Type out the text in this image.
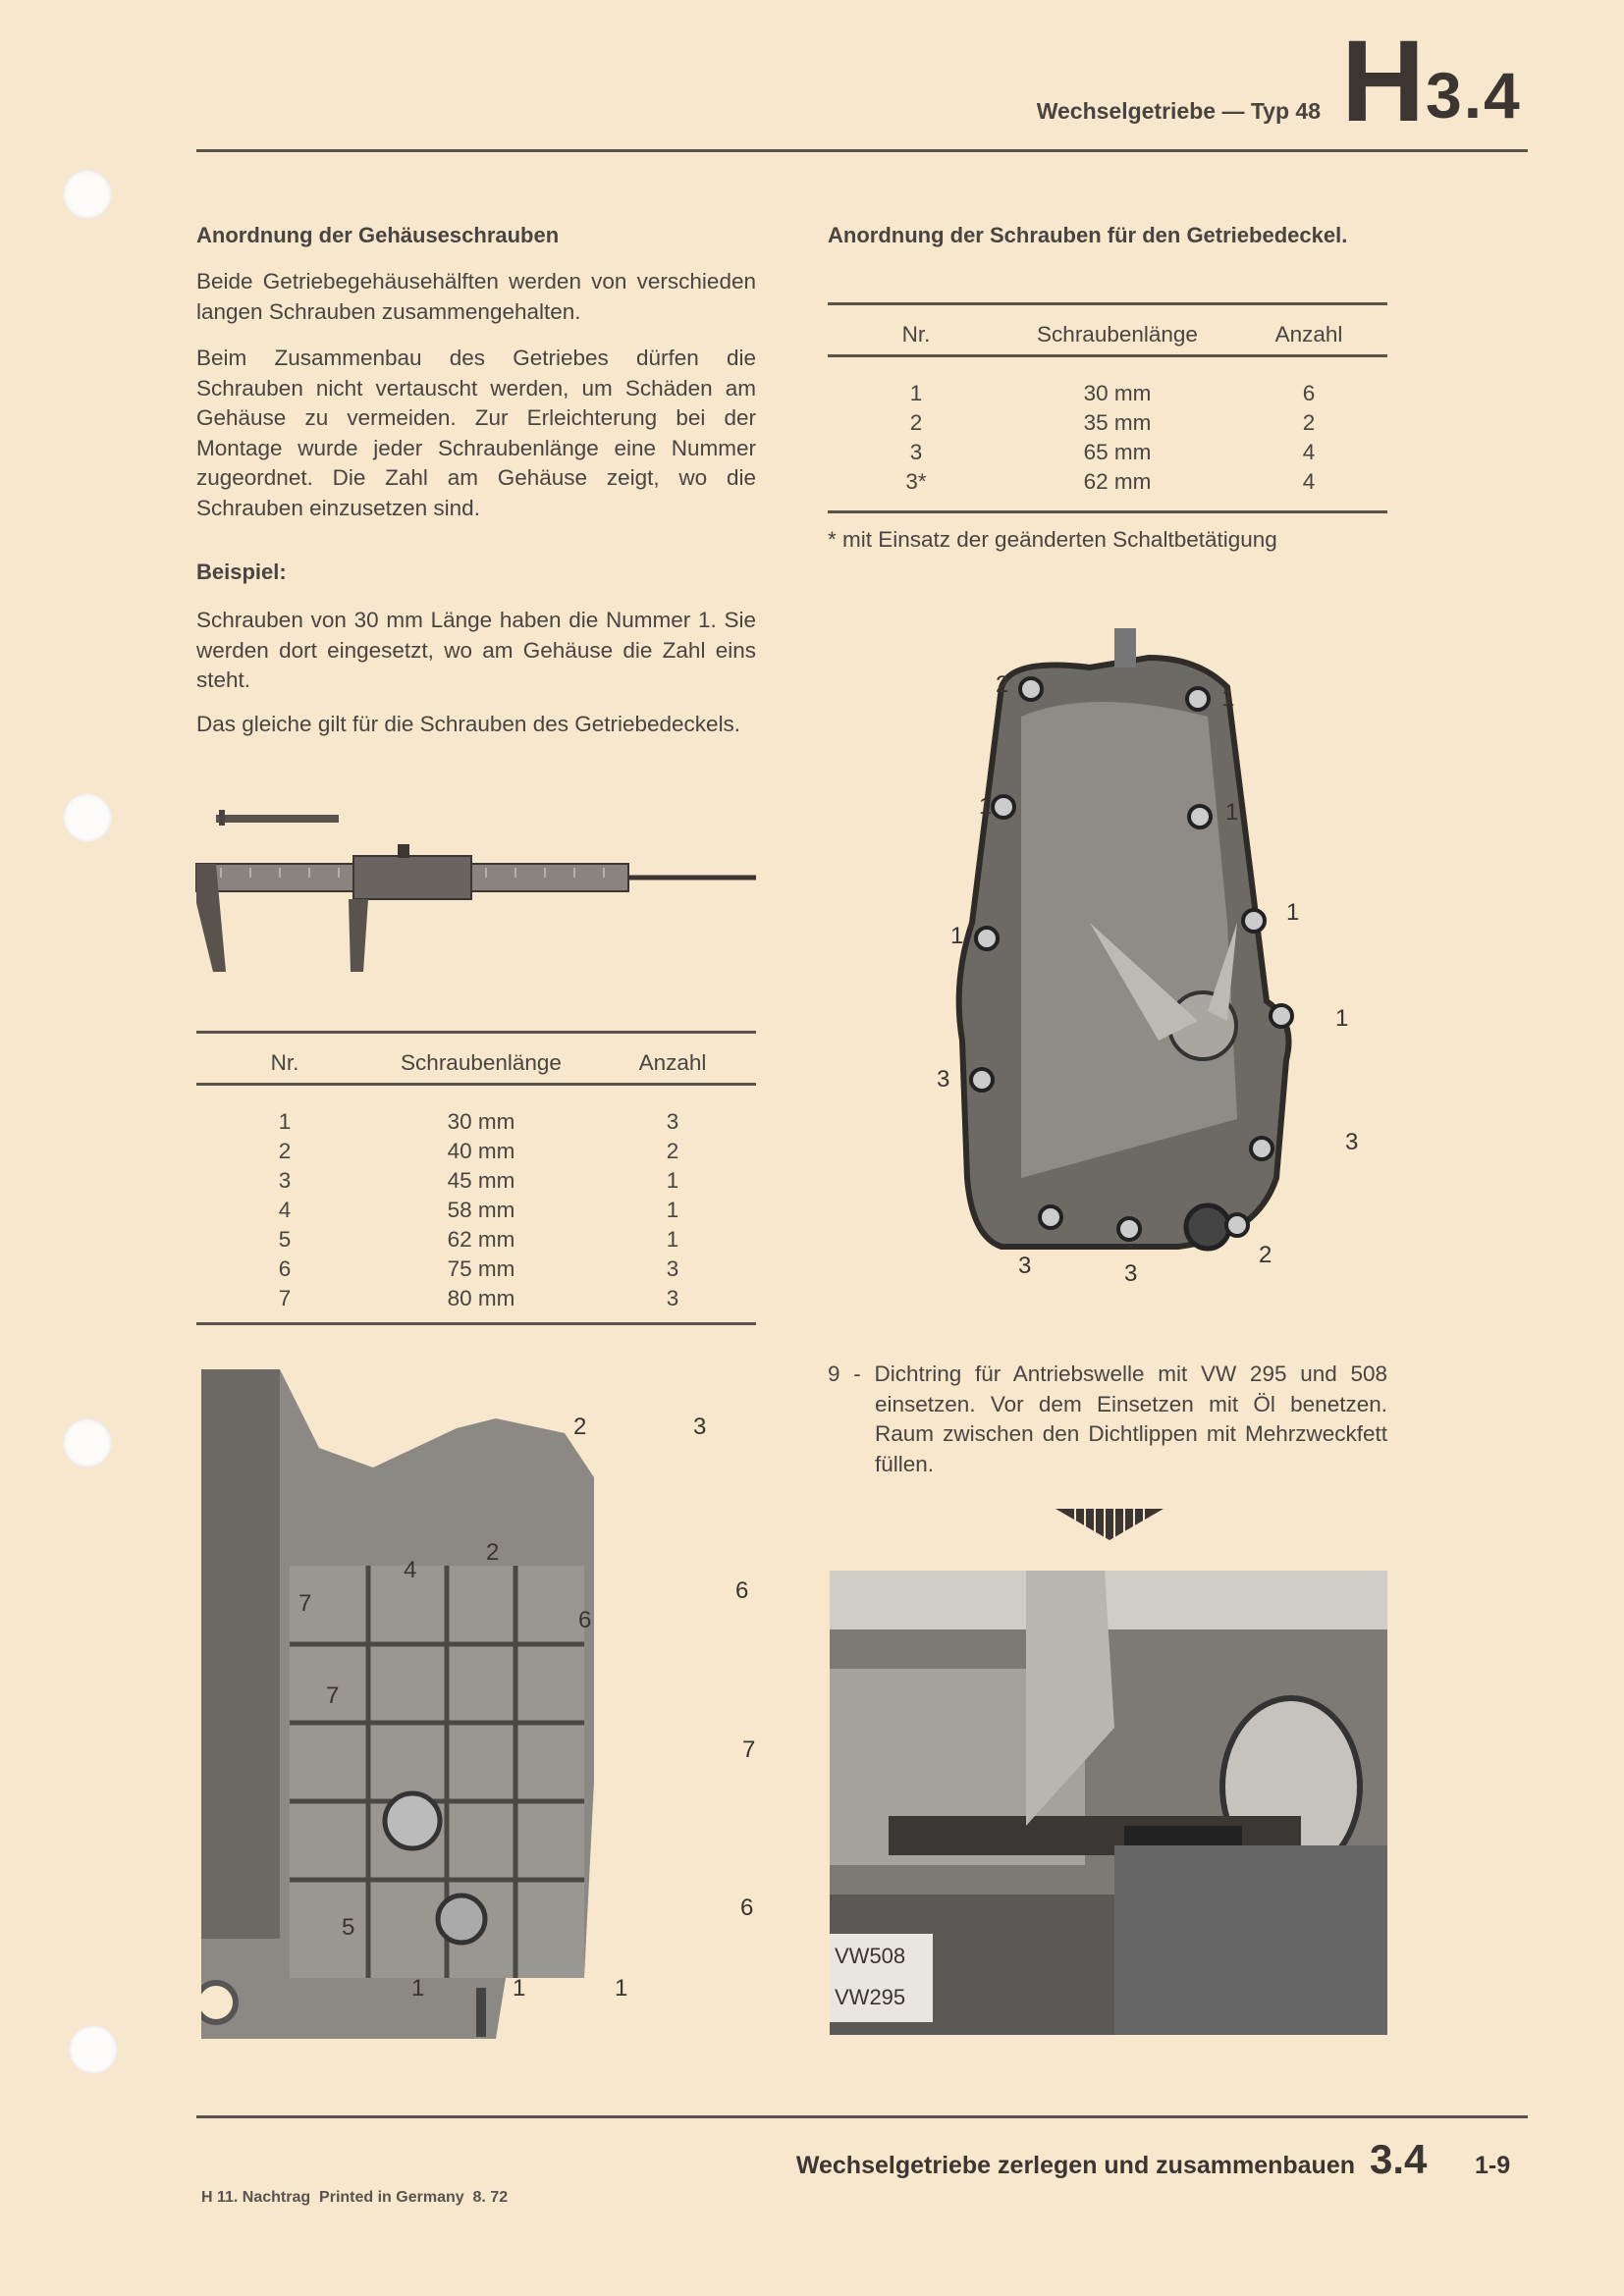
Wechselgetriebe — Typ 48 H 3.4
Anordnung der Gehäuseschrauben

Beide Getriebegehäusehälften werden von verschieden langen Schrauben zusammengehalten.

Beim Zusammenbau des Getriebes dürfen die Schrauben nicht vertauscht werden, um Schäden am Gehäuse zu vermeiden. Zur Erleichterung bei der Montage wurde jeder Schraubenlänge eine Nummer zugeordnet. Die Zahl am Gehäuse zeigt, wo die Schrauben einzusetzen sind.

Beispiel:

Schrauben von 30 mm Länge haben die Nummer 1. Sie werden dort eingesetzt, wo am Gehäuse die Zahl eins steht.

Das gleiche gilt für die Schrauben des Getriebedeckels.

Nr.	Schraubenlänge	Anzahl

1	30 mm	3
2	40 mm	2
3	45 mm	1
4	58 mm	1
5	62 mm	1
6	75 mm	3
7	80 mm	3
2	3
2
4
7
6
6
7
7
6
5
1	1	1
Anordnung der Schrauben für den Getriebedeckel.
Nr.	Schraubenlänge	Anzahl

1	30 mm	6
2	35 mm	2
3	65 mm	4
3*	62 mm	4
* mit Einsatz der geänderten Schaltbetätigung
2
1
1	1
1
1
1
3
3
2
3	3

9 - Dichtring für Antriebswelle mit VW 295 und 508 einsetzen. Vor dem Einsetzen mit Öl benetzen. Raum zwischen den Dichtlippen mit Mehrzweckfett füllen.

VW508
VW295
Wechselgetriebe zerlegen und zusammenbauen 3.4 1-9
H 11. Nachtrag  Printed in Germany  8. 72
